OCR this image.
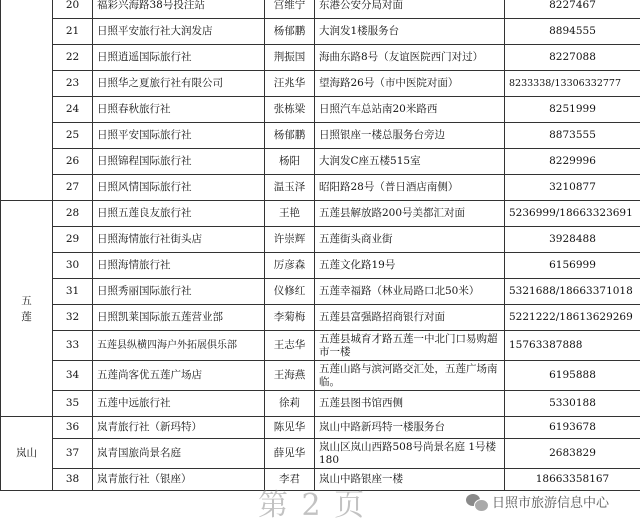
	20	福彩兴海路38号投注站	宫维宁	东港公安分局对面	8227467
	21	日照平安旅行社大润发店	杨郁鹏	大润发1楼服务台	8894555
	22	日照逍遥国际旅行社	荆振国	海曲东路8号（友谊医院西门对过）	8227088
	23	日照华之夏旅行社有限公司	汪兆华	望海路26号（市中医院对面）	8233338/13306332777
	24	日照春秋旅行社	张栋梁	日照汽车总站南20米路西	8251999
	25	日照平安国际旅行社	杨郁鹏	日照银座一楼总服务台旁边	8873555
	26	日照锦程国际旅行社	杨阳	大润发C座五楼515室	8229996
	27	日照风情国际旅行社	温玉泽	昭阳路28号（普日酒店南侧）	3210877
五莲	28	日照五莲良友旅行社	王艳	五莲县解放路200号美都汇对面	5236999/18663323691
	29	日照海情旅行社街头店	许崇辉	五莲街头商业街	3928488
	30	日照海情旅行社	厉彦森	五莲文化路19号	6156999
	31	日照秀丽国际旅行社	仪修红	五莲幸福路（林业局路口北50米）	5321688/18663371018
	32	日照凯莱国际旅五莲营业部	李菊梅	五莲县富强路招商银行对面	5221222/18613629269
	33	五莲县纵横四海户外拓展俱乐部	王志华	五莲县城育才路五莲一中北门口易购超市一楼	15763387888
	34	五莲尚客优五莲广场店	王海燕	五莲山路与滨河路交汇处，五莲广场南临。	6195888
	35	五莲中远旅行社	徐莉	五莲县图书馆西侧	5330188
岚山	36	岚青旅行社（新玛特）	陈见华	岚山中路新玛特一楼服务台	6193678
	37	岚青国旅尚景名庭	薛见华	岚山区岚山西路508号尚景名庭 1号楼180	2683829
	38	岚青旅行社（银座）	李君	岚山中路银座一楼	18663358167
第 2 页	日照市旅游信息中心
